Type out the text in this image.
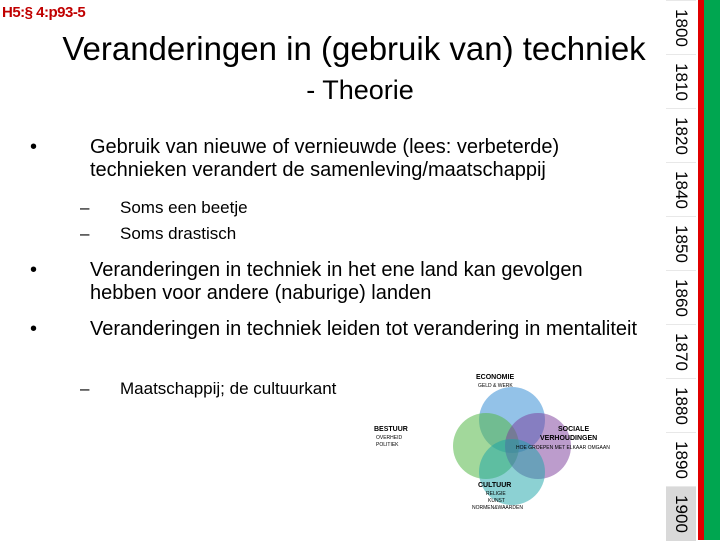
H5:§ 4:p93-5
Veranderingen in (gebruik van) techniek
- Theorie
•	Gebruik van nieuwe of vernieuwde (lees: verbeterde) technieken verandert de samenleving/maatschappij
– Soms een beetje
– Soms drastisch
•	Veranderingen in techniek in het ene land kan gevolgen hebben voor andere (naburige) landen
•	Veranderingen in techniek leiden tot verandering in mentaliteit
– Maatschappij; de cultuurkant
ECONOMIE
GELD & WERK
BESTUUR
OVERHEID
POLITIEK
SOCIALE
VERHOUDINGEN
HOE GROEPEN MET ELKAAR OMGAAN
CULTUUR
RELIGIE
KUNST
NORMEN&WAARDEN
1800
1810
1820
1840
1850
1860
1870
1880
1890
1900
